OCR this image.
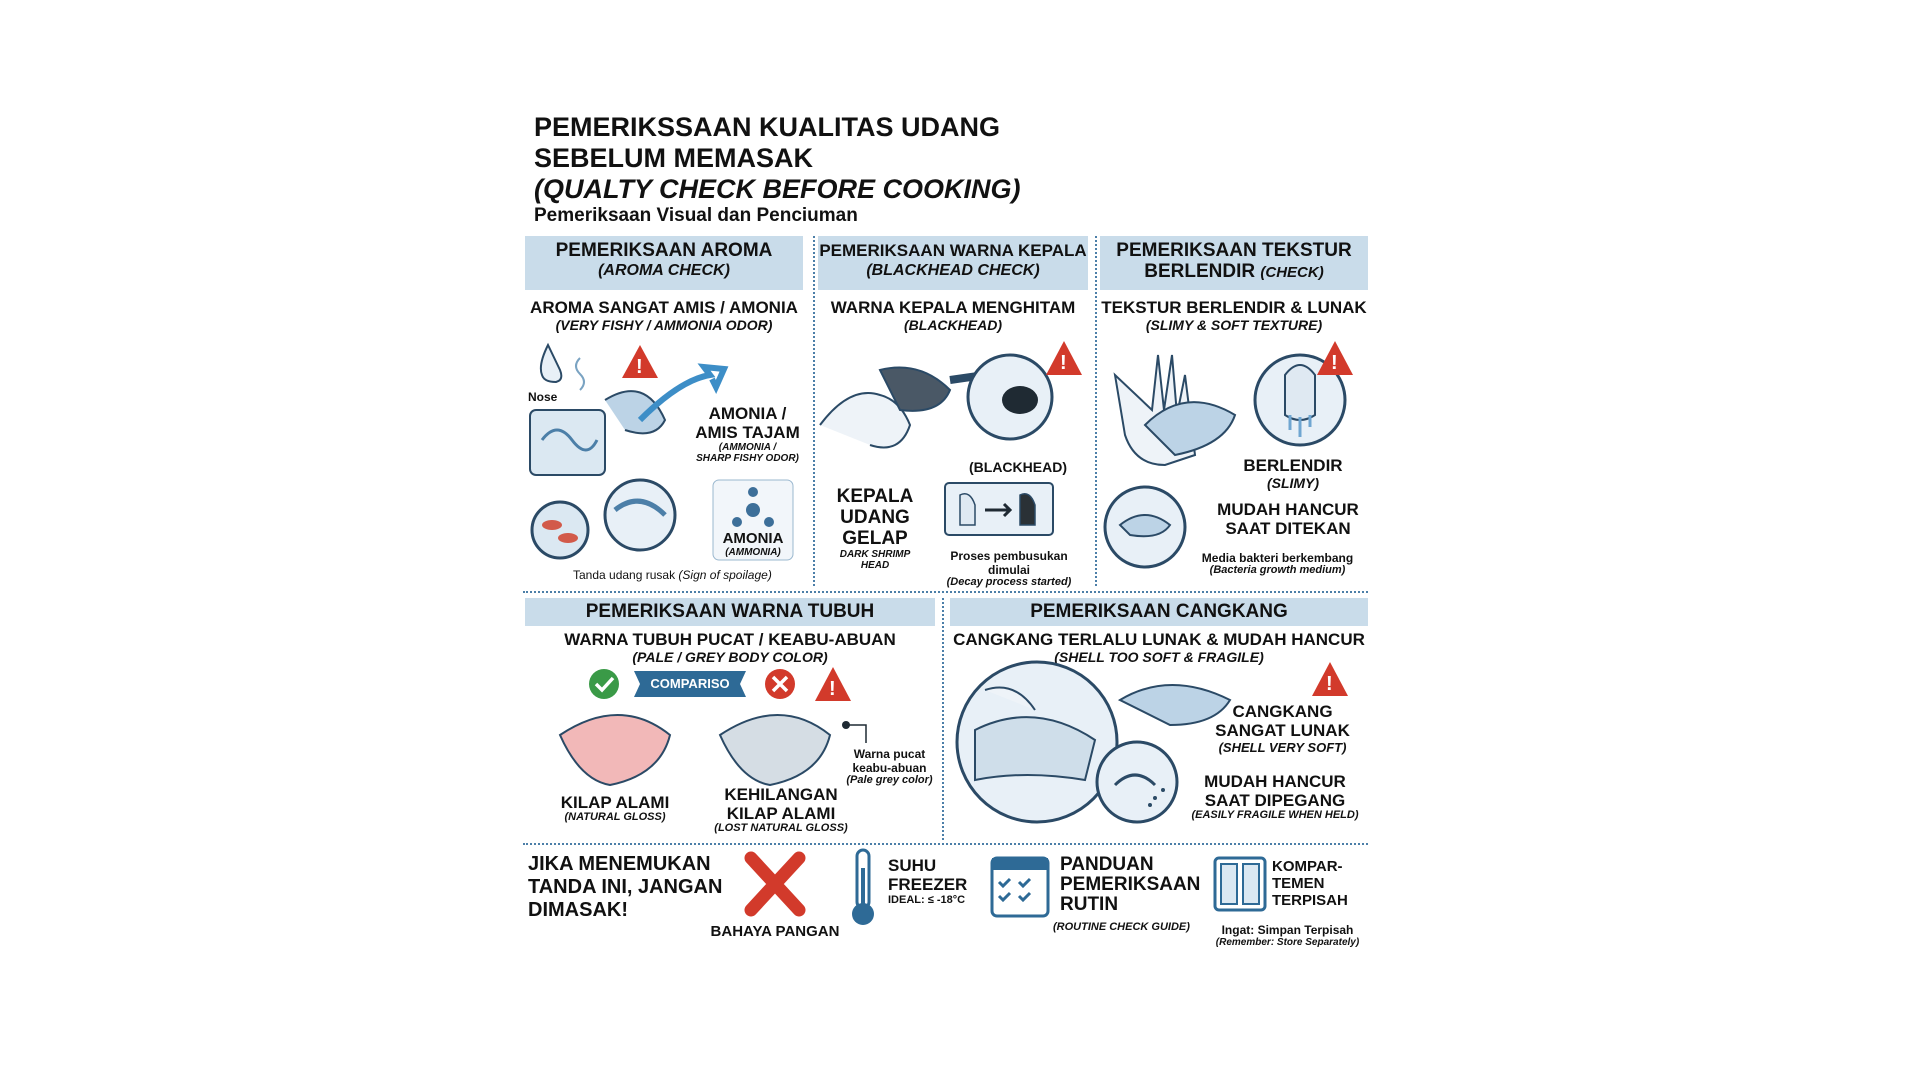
PEMERIKSSAAN KUALITAS UDANG
SEBELUM MEMASAK
(QUALTY CHECK BEFORE COOKING)
Pemeriksaan Visual dan Penciuman
PEMERIKSAAN AROMA
(AROMA CHECK)
AROMA SANGAT AMIS / AMONIA
(VERY FISHY / AMMONIA ODOR)
!
Nose
AMONIA / AMIS TAJAM
(AMMONIA /
SHARP FISHY ODOR)
AMONIA
(AMMONIA)
Tanda udang rusak (Sign of spoilage)
PEMERIKSAAN WARNA KEPALA
(BLACKHEAD CHECK)
WARNA KEPALA MENGHITAM
(BLACKHEAD)
!
(BLACKHEAD)
KEPALA
UDANG
GELAP
DARK SHRIMP
HEAD
Proses pembusukan dimulai
(Decay process started)
PEMERIKSAAN TEKSTUR
BERLENDIR (CHECK)
TEKSTUR BERLENDIR & LUNAK
(SLIMY & SOFT TEXTURE)
!
BERLENDIR
(SLIMY)
MUDAH HANCUR
SAAT DITEKAN
Media bakteri berkembang
(Bacteria growth medium)
PEMERIKSAAN WARNA TUBUH
WARNA TUBUH PUCAT / KEABU-ABUAN
(PALE / GREY BODY COLOR)
!
COMPARISO
KILAP ALAMI
(NATURAL GLOSS)
KEHILANGAN
KILAP ALAMI
(LOST NATURAL GLOSS)
Warna pucat
keabu-abuan
(Pale grey color)
PEMERIKSAAN CANGKANG
CANGKANG TERLALU LUNAK & MUDAH HANCUR
(SHELL TOO SOFT & FRAGILE)
!
CANGKANG
SANGAT LUNAK
(SHELL VERY SOFT)
MUDAH HANCUR
SAAT DIPEGANG
(EASILY FRAGILE WHEN HELD)
JIKA MENEMUKAN
TANDA INI, JANGAN
DIMASAK!
BAHAYA PANGAN
SUHU
FREEZER
IDEAL: ≤ -18°C
PANDUAN
PEMERIKSAAN
RUTIN
(ROUTINE CHECK GUIDE)
KOMPAR-
TEMEN
TERPISAH
Ingat: Simpan Terpisah
(Remember: Store Separately)
